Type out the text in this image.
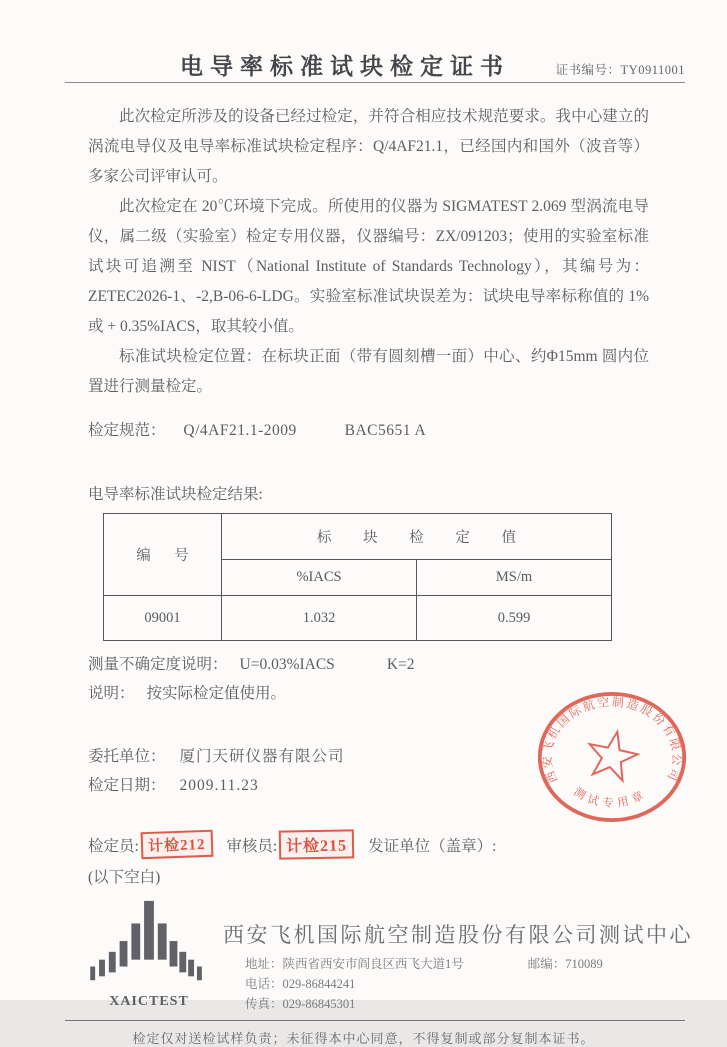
电导率标准试块检定证书	证书编号：TY0911001

此次检定所涉及的设备已经过检定，并符合相应技术规范要求。我中心建立的涡流电导仪及电导率标准试块检定程序：Q/4AF21.1，已经国内和国外（波音等）多家公司评审认可。

此次检定在 20℃环境下完成。所使用的仪器为 SIGMATEST 2.069 型涡流电导仪，属二级（实验室）检定专用仪器，仪器编号：ZX/091203；使用的实验室标准试块可追溯至 NIST（National Institute of Standards Technology），其编号为：ZETEC2026-1、-2,B-06-6-LDG。实验室标准试块误差为：试块电导率标称值的 1%或 + 0.35%IACS，取其较小值。

标准试块检定位置：在标块正面（带有圆刻槽一面）中心、约Φ15mm 圆内位置进行测量检定。

检定规范： Q/4AF21.1-2009	BAC5651 A
电导率标准试块检定结果:
编 号	标 块 检 定 值	
	%IACS	MS/m
09001	1.032	0.599
测量不确定度说明： U=0.03%IACS	K=2
说明： 按实际检定值使用。
委托单位： 厦门天研仪器有限公司
检定日期： 2009.11.23
检定员: 计检212	审核员: 计检215	发证单位（盖章）:
(以下空白)
西安飞机国际航空制造股份有限公司
测试专用章
XAICTEST
西安飞机国际航空制造股份有限公司测试中心
地址：陕西省西安市阎良区西飞大道1号	邮编：710089
电话：029-86844241
传真：029-86845301
检定仅对送检试样负责；未征得本中心同意，不得复制或部分复制本证书。
